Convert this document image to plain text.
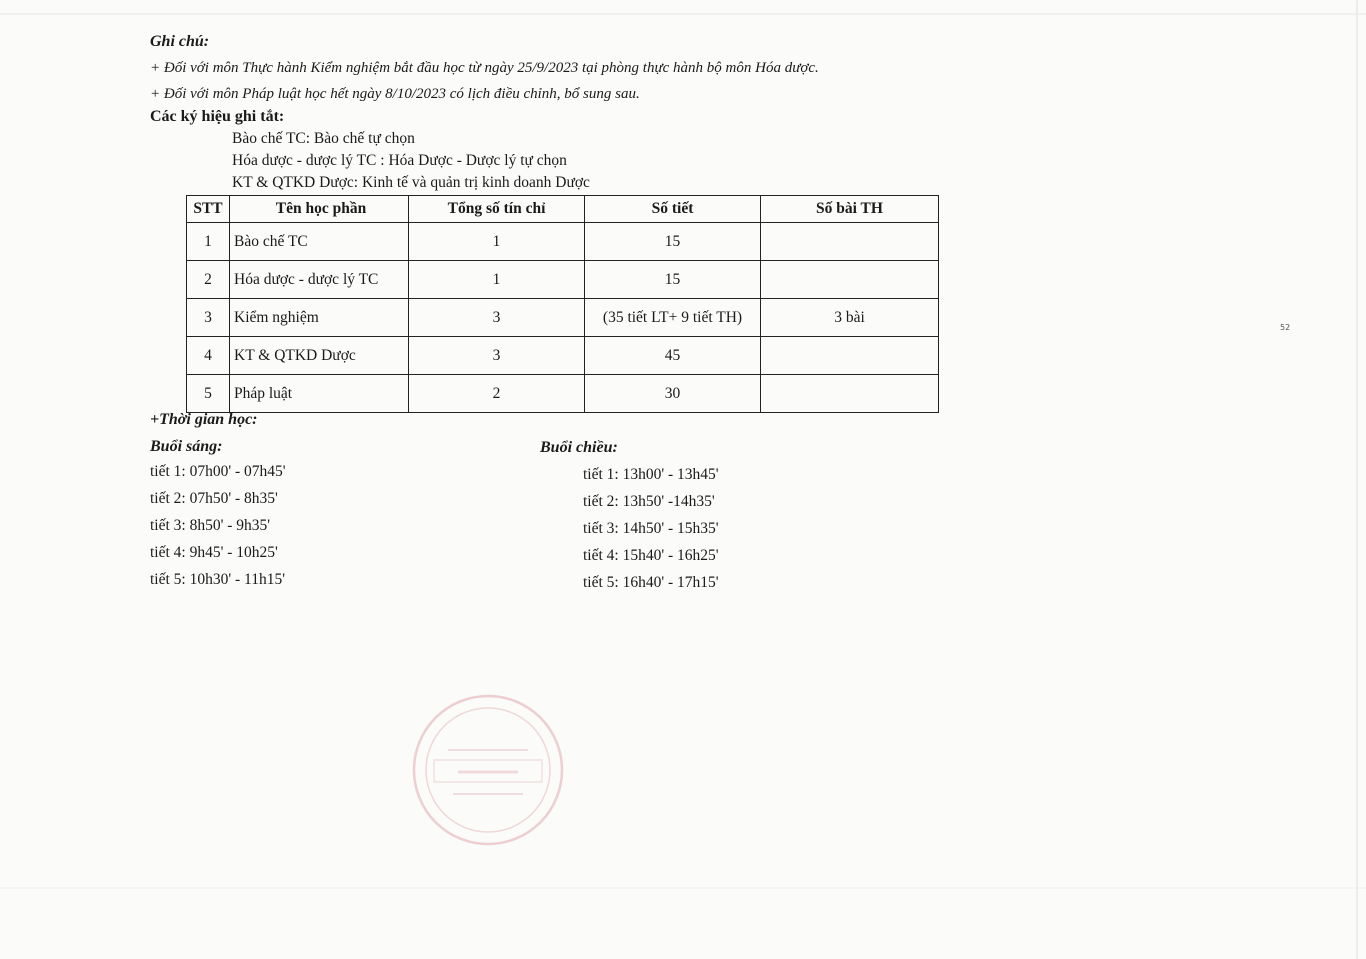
Ghi chú:
+ Đối với môn Thực hành Kiểm nghiệm bắt đầu học từ ngày 25/9/2023 tại phòng thực hành bộ môn Hóa dược.
+ Đối với môn Pháp luật học hết ngày 8/10/2023 có lịch điều chỉnh, bổ sung sau.
Các ký hiệu ghi tắt:
Bào chế TC: Bào chế tự chọn
Hóa dược - dược lý TC : Hóa Dược - Dược lý tự chọn
KT & QTKD Dược: Kinh tế và quản trị kinh doanh Dược
STT	Tên học phần	Tổng số tín chỉ	Số tiết	Số bài TH
1	Bào chế TC	1	15	
2	Hóa dược - dược lý TC	1	15	
3	Kiểm nghiệm	3	(35 tiết LT+ 9 tiết TH)	3 bài
4	KT & QTKD Dược	3	45	
5	Pháp luật	2	30	
+Thời gian học:
Buổi sáng:
tiết 1: 07h00' - 07h45'
tiết 2: 07h50' - 8h35'
tiết 3: 8h50' - 9h35'
tiết 4: 9h45' - 10h25'
tiết 5: 10h30' - 11h15'
Buổi chiều:
tiết 1: 13h00' - 13h45'
tiết 2: 13h50' -14h35'
tiết 3: 14h50' - 15h35'
tiết 4: 15h40' - 16h25'
tiết 5: 16h40' - 17h15'
52
